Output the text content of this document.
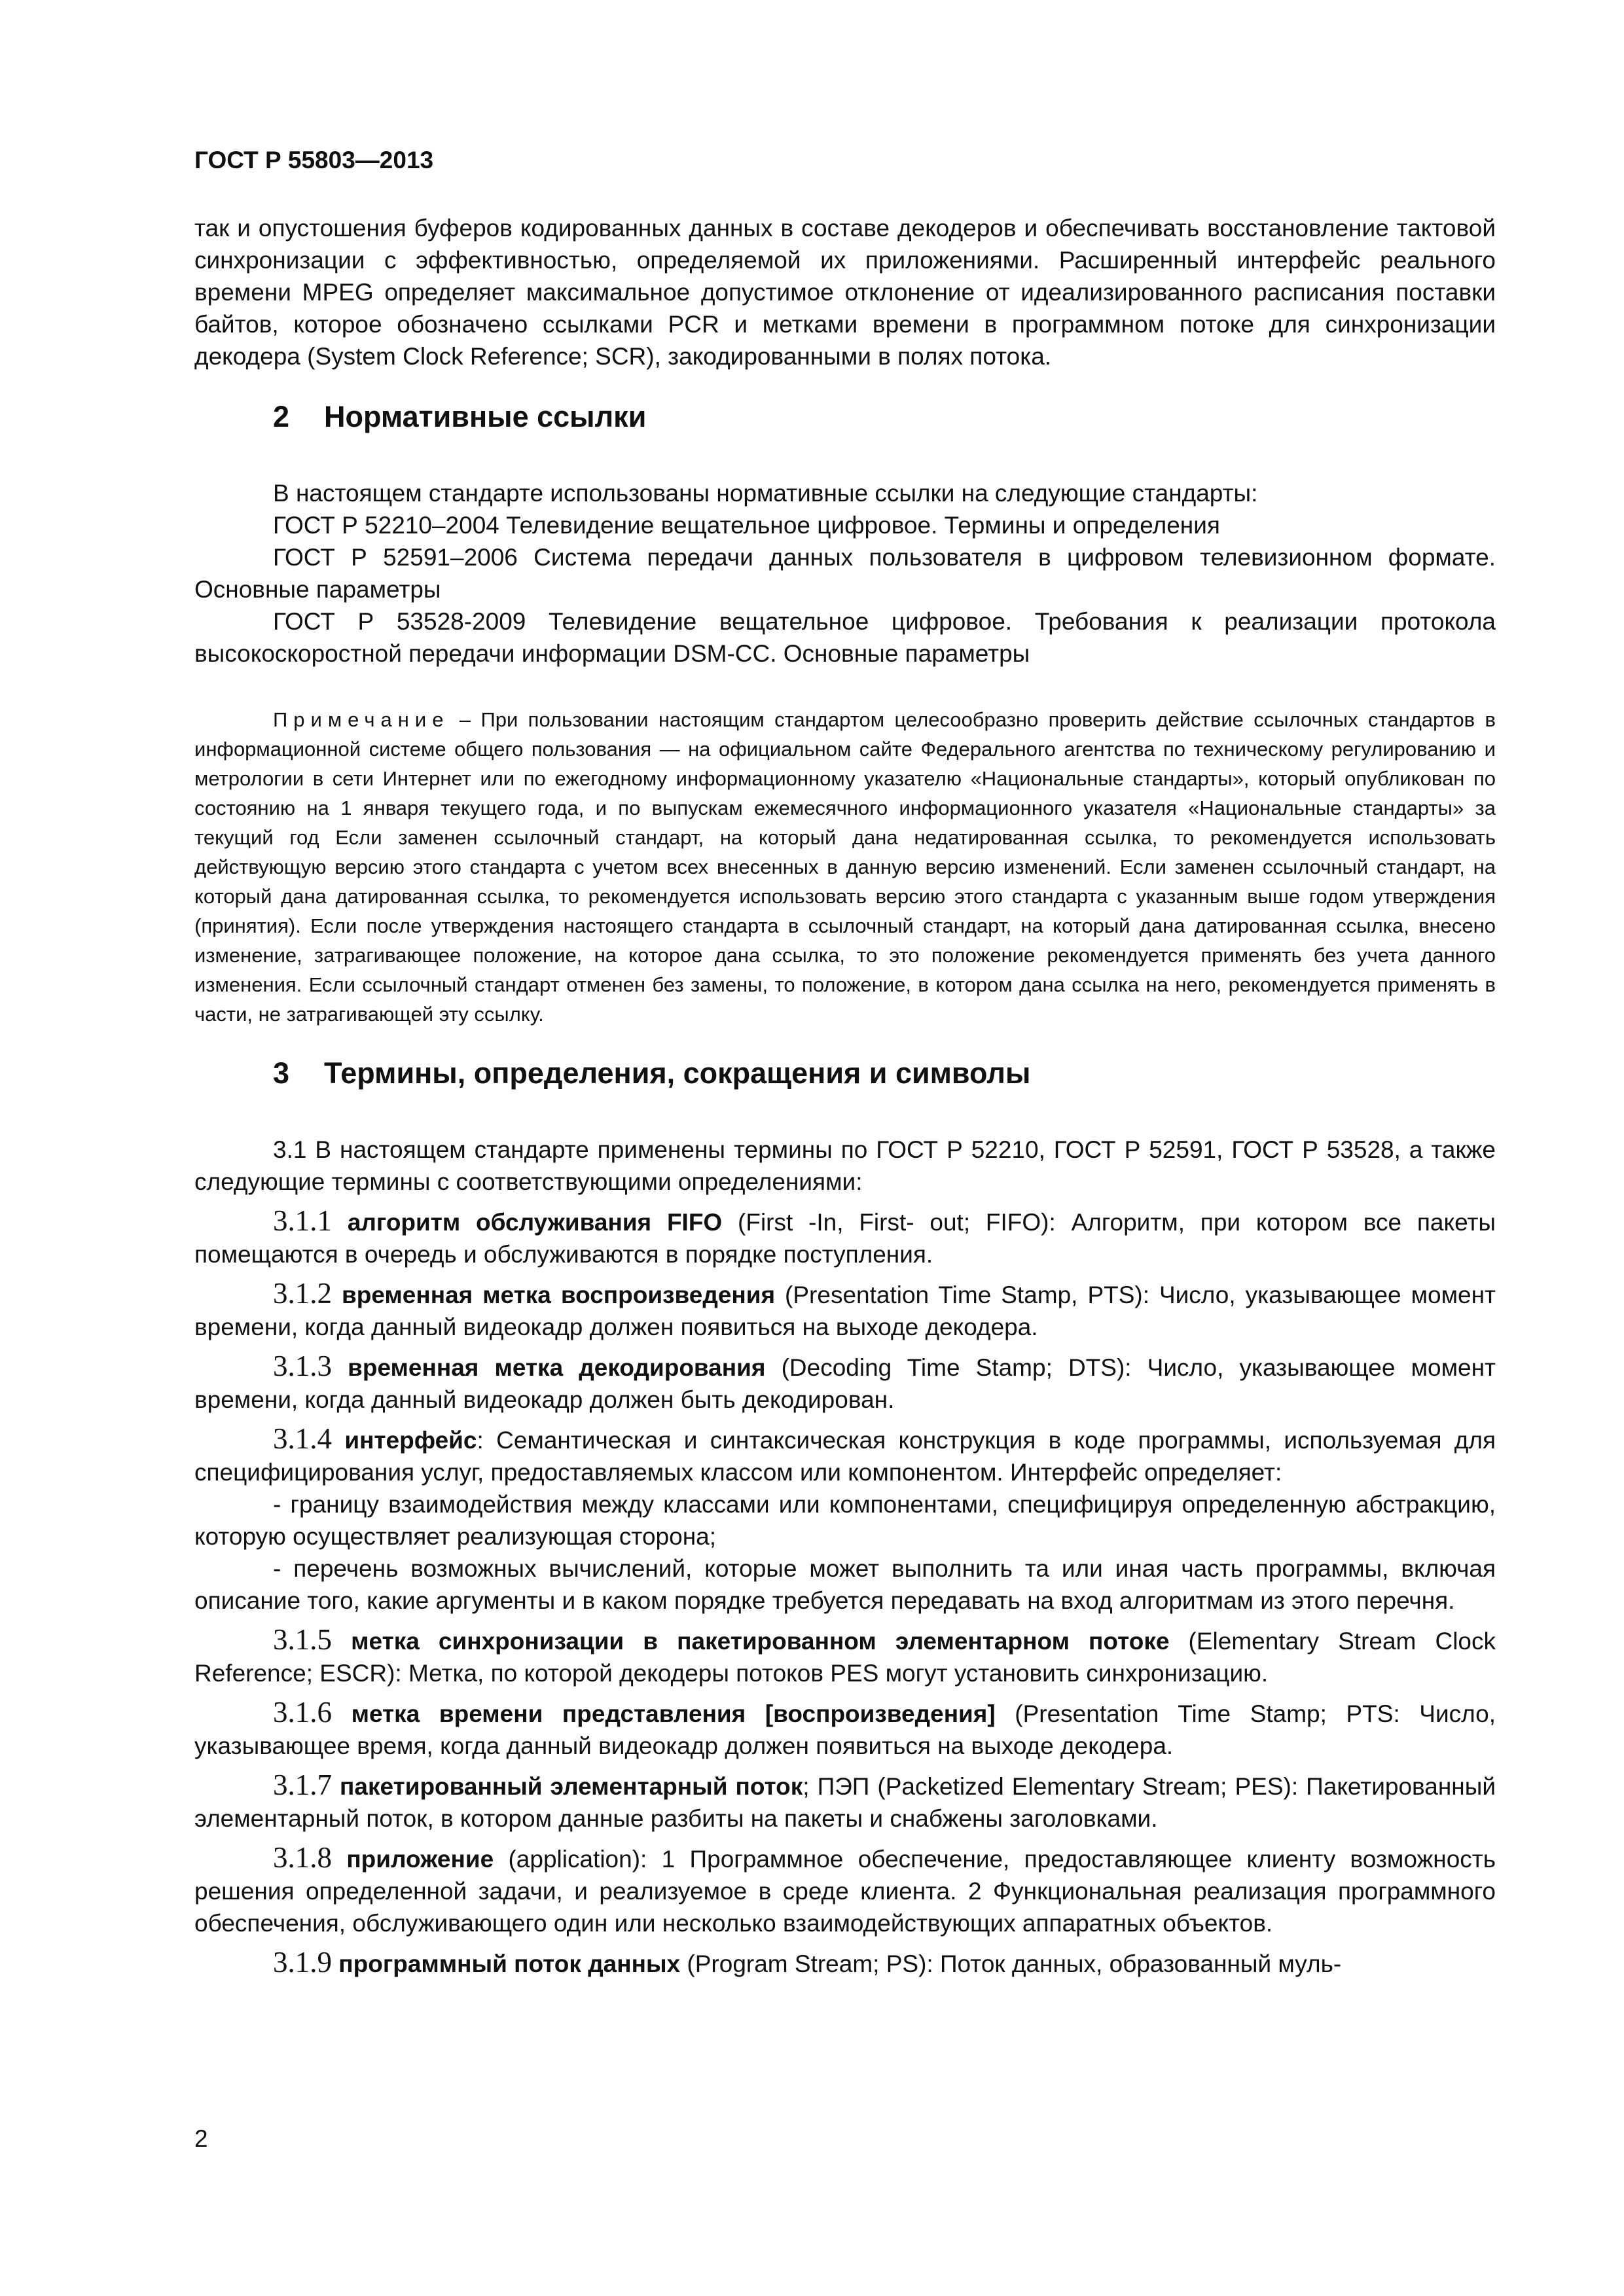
ГОСТ Р 55803—2013

так и опустошения буферов кодированных данных в составе декодеров и обеспечивать восстановление тактовой синхронизации с эффективностью, определяемой их приложениями. Расширенный интерфейс реального времени MPEG определяет максимальное допустимое отклонение от идеализированного расписания поставки байтов, которое обозначено ссылками PCR и метками времени в программном потоке для синхронизации декодера (System Clock Reference; SCR), закодированными в полях потока.

2 Нормативные ссылки

В настоящем стандарте использованы нормативные ссылки на следующие стандарты:

ГОСТ Р 52210–2004 Телевидение вещательное цифровое. Термины и определения

ГОСТ Р 52591–2006 Система передачи данных пользователя в цифровом телевизионном формате. Основные параметры

ГОСТ Р 53528-2009 Телевидение вещательное цифровое. Требования к реализации протокола высокоскоростной передачи информации DSM-CC. Основные параметры

Примечание – При пользовании настоящим стандартом целесообразно проверить действие ссылочных стандартов в информационной системе общего пользования — на официальном сайте Федерального агентства по техническому регулированию и метрологии в сети Интернет или по ежегодному информационному указателю «Национальные стандарты», который опубликован по состоянию на 1 января текущего года, и по выпускам ежемесячного информационного указателя «Национальные стандарты» за текущий год Если заменен ссылочный стандарт, на который дана недатированная ссылка, то рекомендуется использовать действующую версию этого стандарта с учетом всех внесенных в данную версию изменений. Если заменен ссылочный стандарт, на который дана датированная ссылка, то рекомендуется использовать версию этого стандарта с указанным выше годом утверждения (принятия). Если после утверждения настоящего стандарта в ссылочный стандарт, на который дана датированная ссылка, внесено изменение, затрагивающее положение, на которое дана ссылка, то это положение рекомендуется применять без учета данного изменения. Если ссылочный стандарт отменен без замены, то положение, в котором дана ссылка на него, рекомендуется применять в части, не затрагивающей эту ссылку.

3 Термины, определения, сокращения и символы

3.1 В настоящем стандарте применены термины по ГОСТ Р 52210, ГОСТ Р 52591, ГОСТ Р 53528, а также следующие термины с соответствующими определениями:

3.1.1 алгоритм обслуживания FIFO (First -In, First- out; FIFO): Алгоритм, при котором все пакеты помещаются в очередь и обслуживаются в порядке поступления.

3.1.2 временная метка воспроизведения (Presentation Time Stamp, PTS): Число, указывающее момент времени, когда данный видеокадр должен появиться на выходе декодера.

3.1.3 временная метка декодирования (Decoding Time Stamp; DTS): Число, указывающее момент времени, когда данный видеокадр должен быть декодирован.

3.1.4 интерфейс: Семантическая и синтаксическая конструкция в коде программы, используемая для специфицирования услуг, предоставляемых классом или компонентом. Интерфейс определяет:

- границу взаимодействия между классами или компонентами, специфицируя определенную абстракцию, которую осуществляет реализующая сторона;

- перечень возможных вычислений, которые может выполнить та или иная часть программы, включая описание того, какие аргументы и в каком порядке требуется передавать на вход алгоритмам из этого перечня.

3.1.5 метка синхронизации в пакетированном элементарном потоке (Elementary Stream Clock Reference; ESCR): Метка, по которой декодеры потоков PES могут установить синхронизацию.

3.1.6 метка времени представления [воспроизведения] (Presentation Time Stamp; PTS: Число, указывающее время, когда данный видеокадр должен появиться на выходе декодера.

3.1.7 пакетированный элементарный поток; ПЭП (Packetized Elementary Stream; PES): Пакетированный элементарный поток, в котором данные разбиты на пакеты и снабжены заголовками.

3.1.8 приложение (application): 1 Программное обеспечение, предоставляющее клиенту возможность решения определенной задачи, и реализуемое в среде клиента. 2 Функциональная реализация программного обеспечения, обслуживающего один или несколько взаимодействующих аппаратных объектов.

3.1.9 программный поток данных (Program Stream; PS): Поток данных, образованный муль-

2
